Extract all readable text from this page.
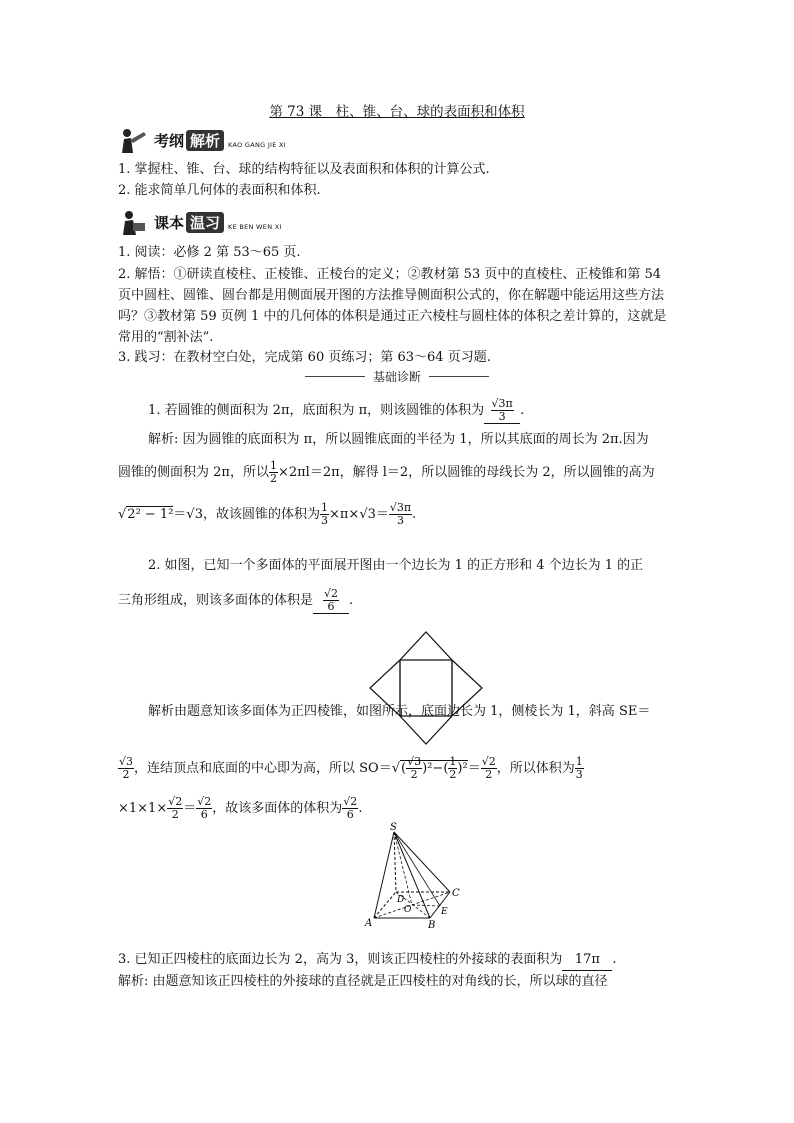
第 73 课　柱、锥、台、球的表面积和体积
考纲 解析	KAO GANG JIE XI
1. 掌握柱、锥、台、球的结构特征以及表面积和体积的计算公式.
2. 能求简单几何体的表面积和体积.
课本 温习	KE BEN WEN XI
1. 阅读：必修 2 第 53～65 页.
2. 解悟：①研读直棱柱、正棱锥、正棱台的定义；②教材第 53 页中的直棱柱、正棱锥和第 54 页中圆柱、圆锥、圆台都是用侧面展开图的方法推导侧面积公式的，你在解题中能运用这些方法吗？③教材第 59 页例 1 中的几何体的体积是通过正六棱柱与圆柱体的体积之差计算的，这就是常用的“割补法”.
3. 践习：在教材空白处，完成第 60 页练习；第 63～64 页习题.
基础诊断
1. 若圆锥的侧面积为 2π，底面积为 π，则该圆锥的体积为 $\frac{√3\pi}{3}$ .
解析: 因为圆锥的底面积为 π，所以圆锥底面的半径为 1，所以其底面的周长为 2π.因为
圆锥的侧面积为 2π，所以 $\frac{1}{2} \times 2\pi l=2\pi$，解得 l＝2，所以圆锥的母线长为 2，所以圆锥的高为
√2² − 1²＝√3，故该圆锥的体积为 $\frac{1}{3} \times\pi\times√3= \frac{√3\pi}{3}$ .
2. 如图，已知一个多面体的平面展开图由一个边长为 1 的正方形和 4 个边长为 1 的正
三角形组成，则该多面体的体积是 $\frac{√2}{6}$ .
解析由题意知该多面体为正四棱锥，如图所示，底面边长为 1，侧棱长为 1，斜高 SE＝
$\frac{√3}{2}$ ，连结顶点和底面的中心即为高，所以 $SO=√( \frac{√3}{2} )^2-( \frac{1}{2} )^2= \frac{√2}{2}$ ，所以体积为 $\frac{1}{3}$
$\times 1\times 1\times \frac{√2}{2} = \frac{√2}{6}$ ，故该多面体的体积为 $\frac{√2}{6}$ .
S
A	B
C
D
E
O
3. 已知正四棱柱的底面边长为 2，高为 3，则该正四棱柱的外接球的表面积为 17π .
解析: 由题意知该正四棱柱的外接球的直径就是正四棱柱的对角线的长，所以球的直径
